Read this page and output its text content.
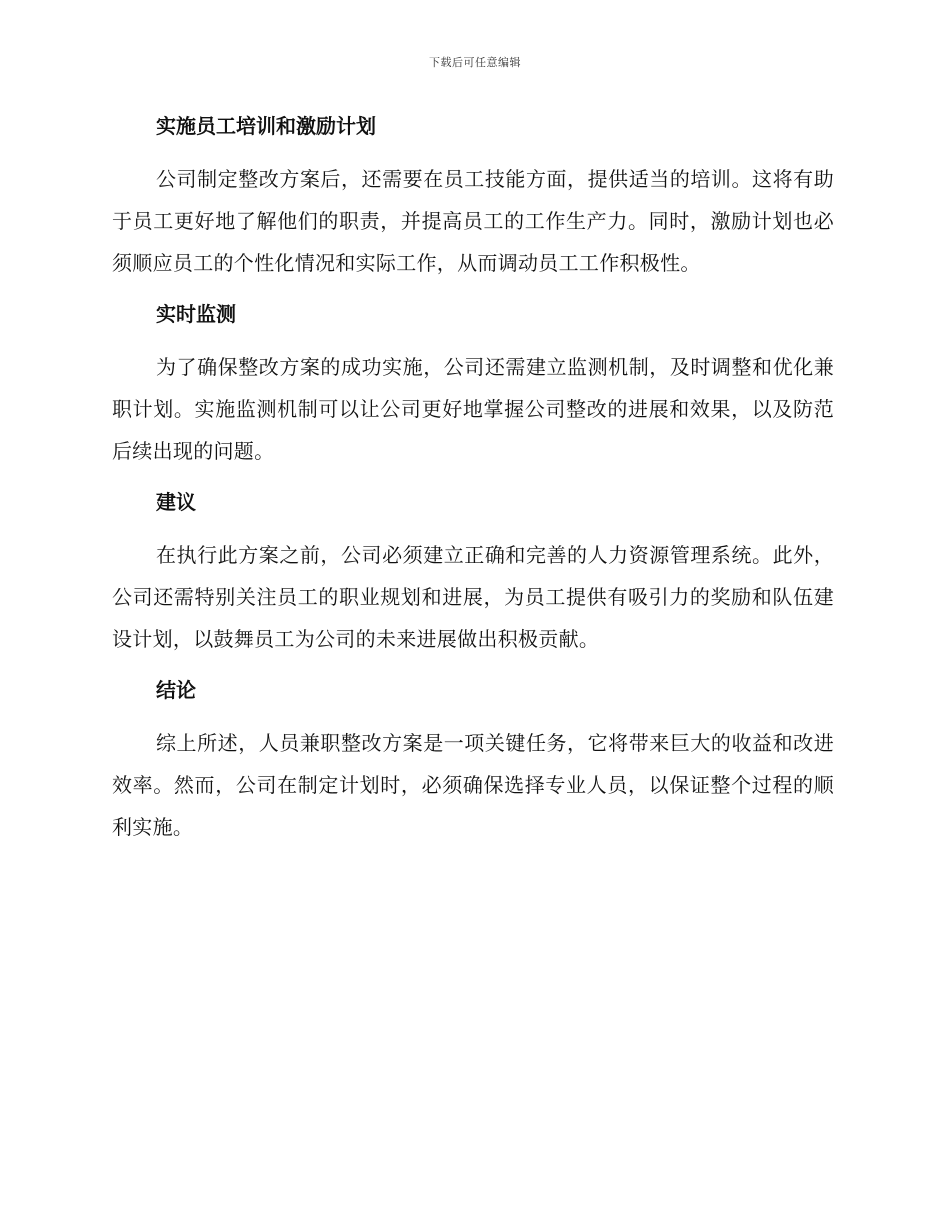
下载后可任意编辑
实施员工培训和激励计划

公司制定整改方案后，还需要在员工技能方面，提供适当的培训。这将有助于员工更好地了解他们的职责，并提高员工的工作生产力。同时，激励计划也必须顺应员工的个性化情况和实际工作，从而调动员工工作积极性。

实时监测

为了确保整改方案的成功实施，公司还需建立监测机制，及时调整和优化兼职计划。实施监测机制可以让公司更好地掌握公司整改的进展和效果，以及防范后续出现的问题。

建议

在执行此方案之前，公司必须建立正确和完善的人力资源管理系统。此外，公司还需特别关注员工的职业规划和进展，为员工提供有吸引力的奖励和队伍建设计划，以鼓舞员工为公司的未来进展做出积极贡献。

结论

综上所述，人员兼职整改方案是一项关键任务，它将带来巨大的收益和改进效率。然而，公司在制定计划时，必须确保选择专业人员，以保证整个过程的顺利实施。
